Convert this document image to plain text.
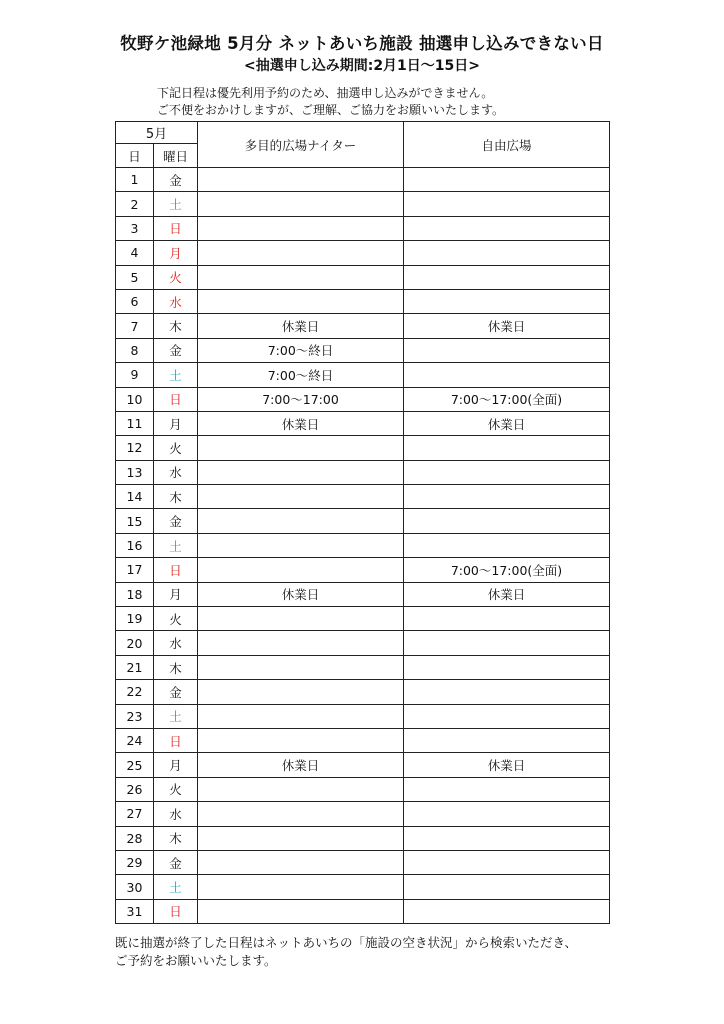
牧野ケ池緑地 5月分 ネットあいち施設 抽選申し込みできない日
<抽選申し込み期間:2月1日〜15日>
下記日程は優先利用予約のため、抽選申し込みができません。
ご不便をおかけしますが、ご理解、ご協力をお願いいたします。
5月		多目的広場ナイター	自由広場
日	曜日		
1	金		
2	土		
3	日		
4	月		
5	火		
6	水		
7	木	休業日	休業日
8	金	7:00〜終日	
9	土	7:00〜終日	
10	日	7:00〜17:00	7:00〜17:00(全面)
11	月	休業日	休業日
12	火		
13	水		
14	木		
15	金		
16	土		
17	日		7:00〜17:00(全面)
18	月	休業日	休業日
19	火		
20	水		
21	木		
22	金		
23	土		
24	日		
25	月	休業日	休業日
26	火		
27	水		
28	木		
29	金		
30	土		
31	日		
既に抽選が終了した日程はネットあいちの「施設の空き状況」から検索いただき、
ご予約をお願いいたします。
